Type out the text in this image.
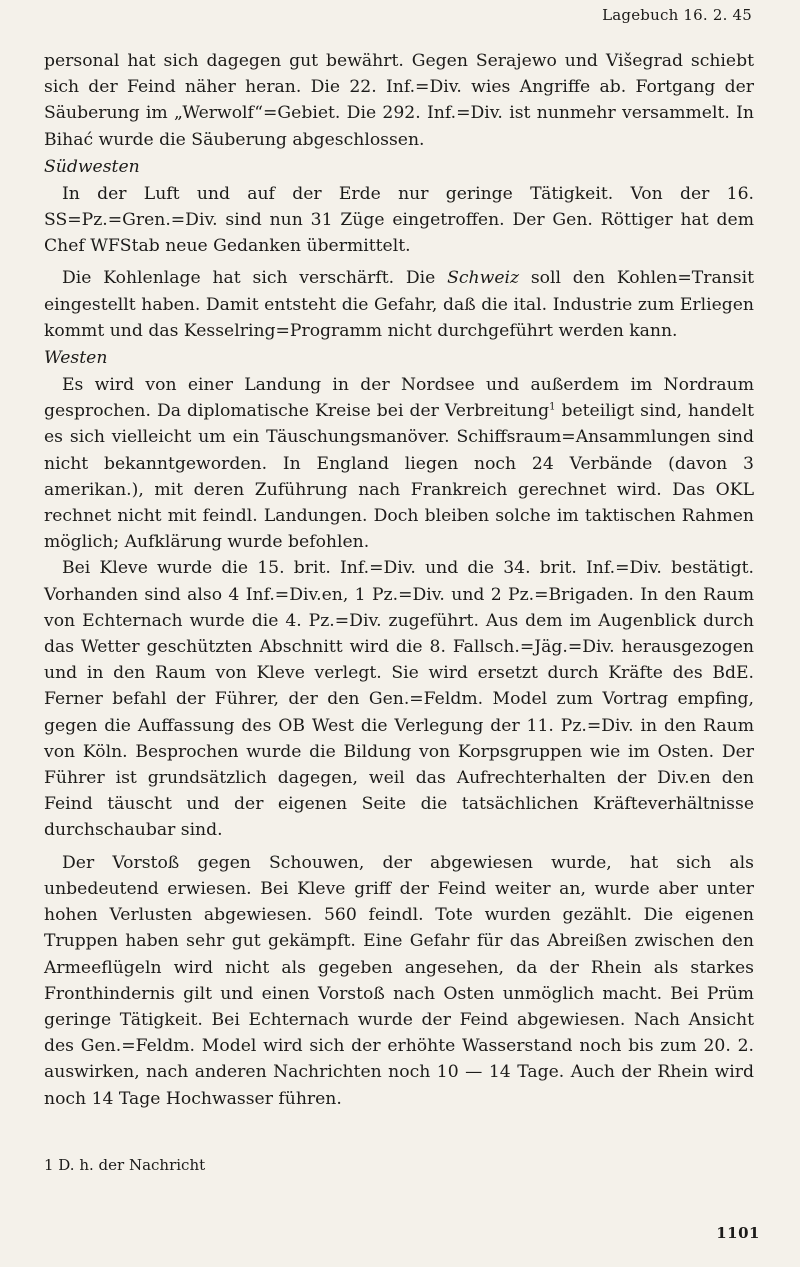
Lagebuch 16. 2. 45

personal hat sich dagegen gut bewährt. Gegen Serajewo und Višegrad schiebt sich der Feind näher heran. Die 22. Inf.=Div. wies Angriffe ab. Fortgang der Säuberung im „Werwolf“=Gebiet. Die 292. Inf.=Div. ist nunmehr versammelt. In Bihać wurde die Säuberung abgeschlossen.

Südwesten

In der Luft und auf der Erde nur geringe Tätigkeit. Von der 16. SS=Pz.=Gren.=Div. sind nun 31 Züge eingetroffen. Der Gen. Röttiger hat dem Chef WFStab neue Gedanken übermittelt.

Die Kohlenlage hat sich verschärft. Die Schweiz soll den Kohlen=Transit eingestellt haben. Damit entsteht die Gefahr, daß die ital. Industrie zum Erliegen kommt und das Kesselring=Programm nicht durchgeführt werden kann.

Westen

Es wird von einer Landung in der Nordsee und außerdem im Nordraum gesprochen. Da diplomatische Kreise bei der Verbreitung$^1$ beteiligt sind, handelt es sich vielleicht um ein Täuschungsmanöver. Schiffsraum=Ansammlungen sind nicht bekanntgeworden. In England liegen noch 24 Verbände (davon 3 amerikan.), mit deren Zuführung nach Frankreich gerechnet wird. Das OKL rechnet nicht mit feindl. Landungen. Doch bleiben solche im taktischen Rahmen möglich; Aufklärung wurde befohlen.

Bei Kleve wurde die 15. brit. Inf.=Div. und die 34. brit. Inf.=Div. bestätigt. Vorhanden sind also 4 Inf.=Div.en, 1 Pz.=Div. und 2 Pz.=Brigaden. In den Raum von Echternach wurde die 4. Pz.=Div. zugeführt. Aus dem im Augenblick durch das Wetter geschützten Abschnitt wird die 8. Fallsch.=Jäg.=Div. herausgezogen und in den Raum von Kleve verlegt. Sie wird ersetzt durch Kräfte des BdE. Ferner befahl der Führer, der den Gen.=Feldm. Model zum Vortrag empfing, gegen die Auffassung des OB West die Verlegung der 11. Pz.=Div. in den Raum von Köln. Besprochen wurde die Bildung von Korpsgruppen wie im Osten. Der Führer ist grundsätzlich dagegen, weil das Aufrechterhalten der Div.en den Feind täuscht und der eigenen Seite die tatsächlichen Kräfteverhältnisse durchschaubar sind.

Der Vorstoß gegen Schouwen, der abgewiesen wurde, hat sich als unbedeutend erwiesen. Bei Kleve griff der Feind weiter an, wurde aber unter hohen Verlusten abgewiesen. 560 feindl. Tote wurden gezählt. Die eigenen Truppen haben sehr gut gekämpft. Eine Gefahr für das Abreißen zwischen den Armeeflügeln wird nicht als gegeben angesehen, da der Rhein als starkes Fronthindernis gilt und einen Vorstoß nach Osten unmöglich macht. Bei Prüm geringe Tätigkeit. Bei Echternach wurde der Feind abgewiesen. Nach Ansicht des Gen.=Feldm. Model wird sich der erhöhte Wasserstand noch bis zum 20. 2. auswirken, nach anderen Nachrichten noch 10 — 14 Tage. Auch der Rhein wird noch 14 Tage Hochwasser führen.

1 D. h. der Nachricht
1101
